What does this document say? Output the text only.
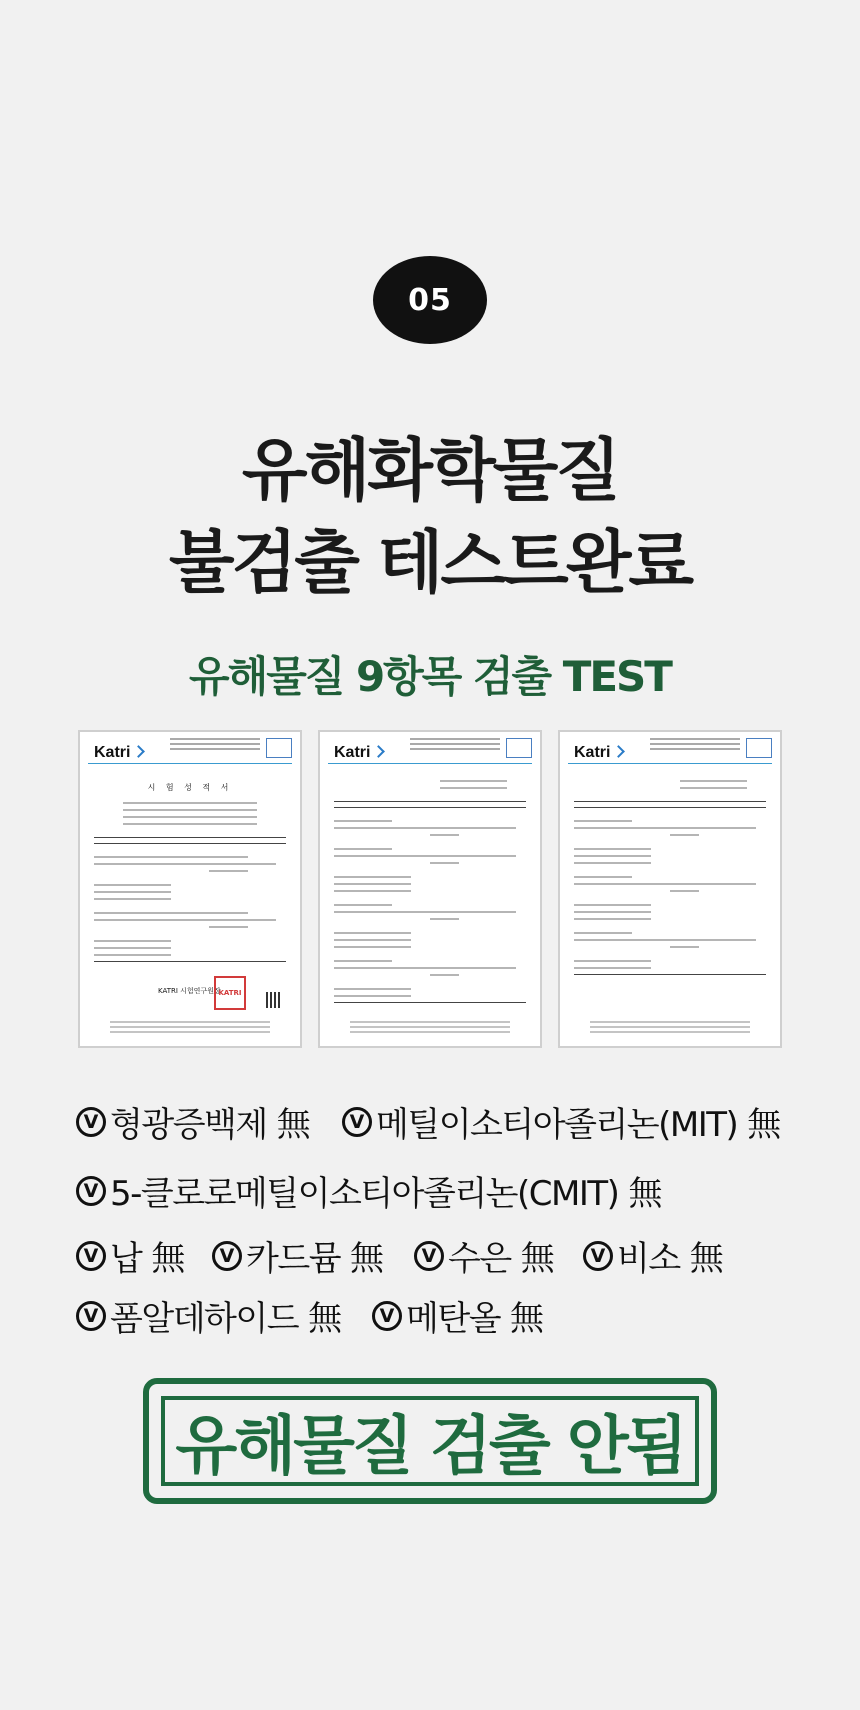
05
유해화학물질
불검출 테스트완료
유해물질 9항목 검출 TEST
Katri
시 험 성 적 서
KATRI 시험연구원장
KATRI
Katri	Katri
V 형광증백제 無	V 메틸이소티아졸리논(MIT) 無
V 5-클로로메틸이소티아졸리논(CMIT) 無
V 납 無	V 카드뮴 無	V 수은 無	V 비소 無
V 폼알데하이드 無	V 메탄올 無
유해물질 검출 안됨
